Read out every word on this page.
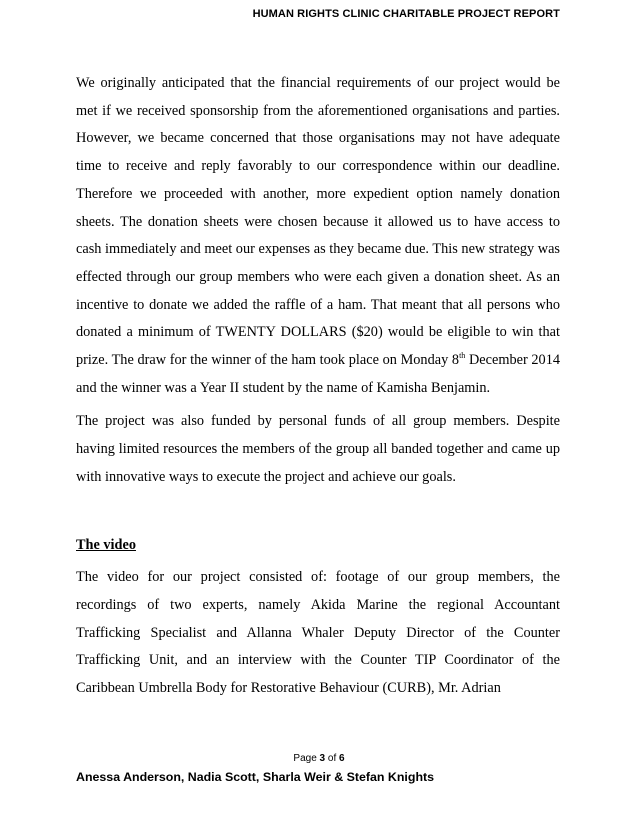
HUMAN RIGHTS CLINIC CHARITABLE PROJECT REPORT

We originally anticipated that the financial requirements of our project would be met if we received sponsorship from the aforementioned organisations and parties. However, we became concerned that those organisations may not have adequate time to receive and reply favorably to our correspondence within our deadline. Therefore we proceeded with another, more expedient option namely donation sheets. The donation sheets were chosen because it allowed us to have access to cash immediately and meet our expenses as they became due. This new strategy was effected through our group members who were each given a donation sheet. As an incentive to donate we added the raffle of a ham. That meant that all persons who donated a minimum of TWENTY DOLLARS ($20) would be eligible to win that prize. The draw for the winner of the ham took place on Monday 8th December 2014 and the winner was a Year II student by the name of Kamisha Benjamin.

The project was also funded by personal funds of all group members. Despite having limited resources the members of the group all banded together and came up with innovative ways to execute the project and achieve our goals.

The video

The video for our project consisted of: footage of our group members, the recordings of two experts, namely Akida Marine the regional Accountant Trafficking Specialist and Allanna Whaler Deputy Director of the Counter Trafficking Unit, and an interview with the Counter TIP Coordinator of the Caribbean Umbrella Body for Restorative Behaviour (CURB), Mr. Adrian

Page 3 of 6
Anessa Anderson, Nadia Scott, Sharla Weir & Stefan Knights
